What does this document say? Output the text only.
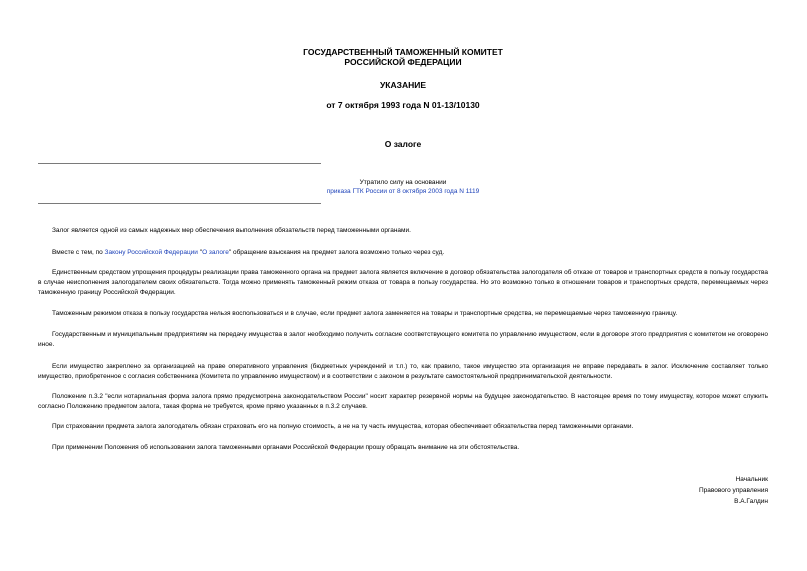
ГОСУДАРСТВЕННЫЙ ТАМОЖЕННЫЙ КОМИТЕТ
РОССИЙСКОЙ ФЕДЕРАЦИИ
УКАЗАНИЕ
от 7 октября 1993 года N 01-13/10130
О залоге
Утратило силу на основании
приказа ГТК России от 8 октября 2003 года N 1119
Залог является одной из самых надежных мер обеспечения выполнения обязательств перед таможенными органами.
Вместе с тем, по Закону Российской Федерации "О залоге" обращение взыскания на предмет залога возможно только через суд.
Единственным средством упрощения процедуры реализации права таможенного органа на предмет залога является включение в договор обязательства залогодателя об отказе от товаров и транспортных средств в пользу государства в случае неисполнения залогодателем своих обязательств. Тогда можно применять таможенный режим отказа от товара в пользу государства. Но это возможно только в отношении товаров и транспортных средств, перемещаемых через таможенную границу Российской Федерации.
Таможенным режимом отказа в пользу государства нельзя воспользоваться и в случае, если предмет залога заменяется на товары и транспортные средства, не перемещаемые через таможенную границу.
Государственным и муниципальным предприятиям на передачу имущества в залог необходимо получить согласие соответствующего комитета по управлению имуществом, если в договоре этого предприятия с комитетом не оговорено иное.
Если имущество закреплено за организацией на праве оперативного управления (бюджетных учреждений и т.п.) то, как правило, такое имущество эта организация не вправе передавать в залог. Исключение составляет только имущество, приобретенное с согласия собственника (Комитета по управлению имуществом) и в соответствии с законом в результате самостоятельной предпринимательской деятельности.
Положение п.3.2 "если нотариальная форма залога прямо предусмотрена законодательством России" носит характер резервной нормы на будущее законодательство. В настоящее время по тому имуществу, которое может служить согласно Положению предметом залога, такая форма не требуется, кроме прямо указанных в п.3.2 случаев.
При страховании предмета залога залогодатель обязан страховать его на полную стоимость, а не на ту часть имущества, которая обеспечивает обязательства перед таможенными органами.
При применении Положения об использовании залога таможенными органами Российской Федерации прошу обращать внимание на эти обстоятельства.
Начальник
Правового управления
В.А.Галдин
